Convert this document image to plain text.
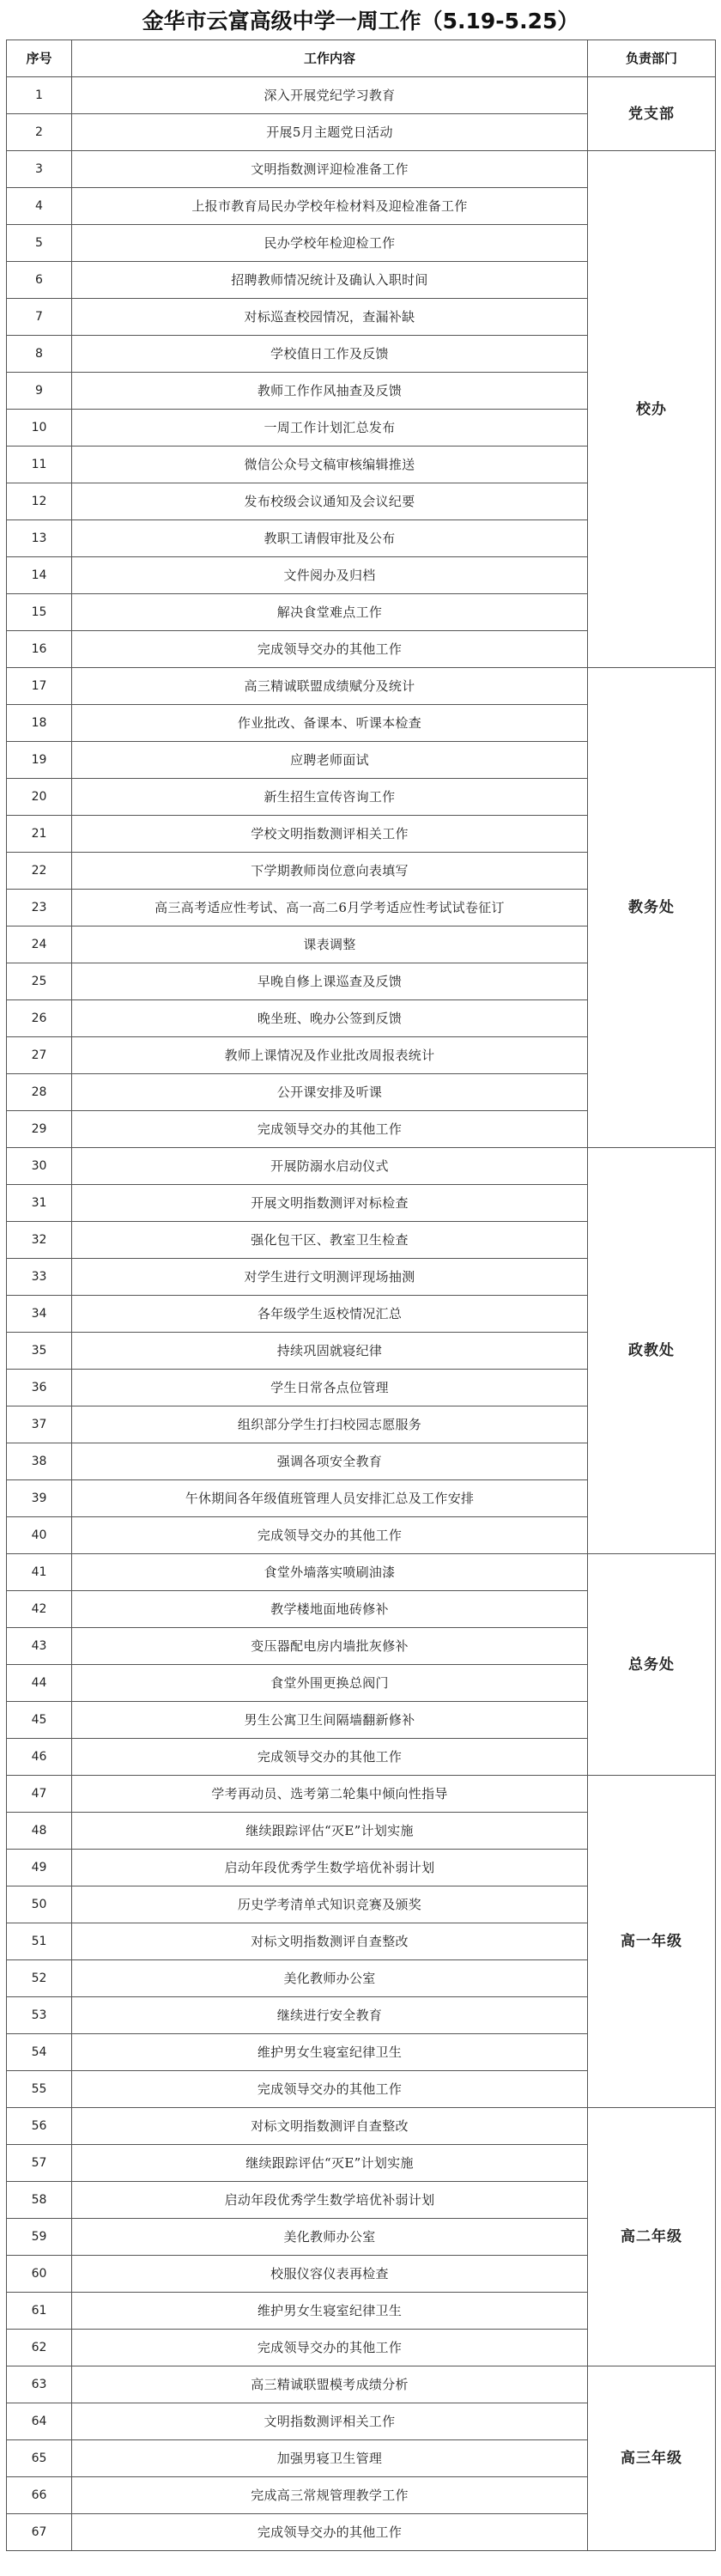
金华市云富高级中学一周工作（5.19-5.25）
序号	工作内容	负责部门
1	深入开展党纪学习教育	党支部
2	开展5月主题党日活动	
3	文明指数测评迎检准备工作	校办
4	上报市教育局民办学校年检材料及迎检准备工作	
5	民办学校年检迎检工作	
6	招聘教师情况统计及确认入职时间	
7	对标巡查校园情况，查漏补缺	
8	学校值日工作及反馈	
9	教师工作作风抽查及反馈	
10	一周工作计划汇总发布	
11	微信公众号文稿审核编辑推送	
12	发布校级会议通知及会议纪要	
13	教职工请假审批及公布	
14	文件阅办及归档	
15	解决食堂难点工作	
16	完成领导交办的其他工作	
17	高三精诚联盟成绩赋分及统计	教务处
18	作业批改、备课本、听课本检查	
19	应聘老师面试	
20	新生招生宣传咨询工作	
21	学校文明指数测评相关工作	
22	下学期教师岗位意向表填写	
23	高三高考适应性考试、高一高二6月学考适应性考试试卷征订	
24	课表调整	
25	早晚自修上课巡查及反馈	
26	晚坐班、晚办公签到反馈	
27	教师上课情况及作业批改周报表统计	
28	公开课安排及听课	
29	完成领导交办的其他工作	
30	开展防溺水启动仪式	政教处
31	开展文明指数测评对标检查	
32	强化包干区、教室卫生检查	
33	对学生进行文明测评现场抽测	
34	各年级学生返校情况汇总	
35	持续巩固就寝纪律	
36	学生日常各点位管理	
37	组织部分学生打扫校园志愿服务	
38	强调各项安全教育	
39	午休期间各年级值班管理人员安排汇总及工作安排	
40	完成领导交办的其他工作	
41	食堂外墙落实喷刷油漆	总务处
42	教学楼地面地砖修补	
43	变压器配电房内墙批灰修补	
44	食堂外围更换总阀门	
45	男生公寓卫生间隔墙翻新修补	
46	完成领导交办的其他工作	
47	学考再动员、选考第二轮集中倾向性指导	高一年级
48	继续跟踪评估“灭E”计划实施	
49	启动年段优秀学生数学培优补弱计划	
50	历史学考清单式知识竞赛及颁奖	
51	对标文明指数测评自查整改	
52	美化教师办公室	
53	继续进行安全教育	
54	维护男女生寝室纪律卫生	
55	完成领导交办的其他工作	
56	对标文明指数测评自查整改	高二年级
57	继续跟踪评估“灭E”计划实施	
58	启动年段优秀学生数学培优补弱计划	
59	美化教师办公室	
60	校服仪容仪表再检查	
61	维护男女生寝室纪律卫生	
62	完成领导交办的其他工作	
63	高三精诚联盟模考成绩分析	高三年级
64	文明指数测评相关工作	
65	加强男寝卫生管理	
66	完成高三常规管理教学工作	
67	完成领导交办的其他工作	
